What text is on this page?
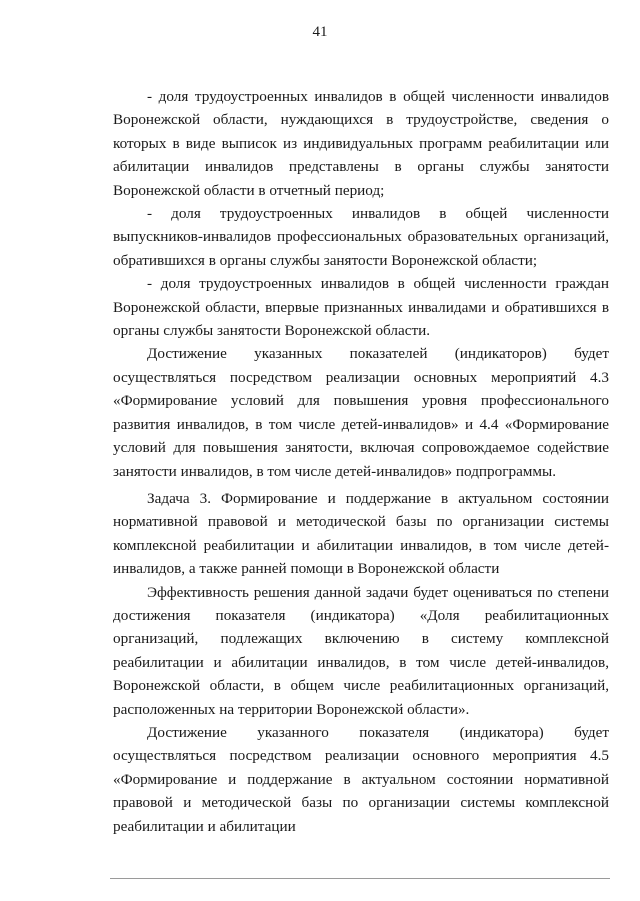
41

- доля трудоустроенных инвалидов в общей численности инвалидов Воронежской области, нуждающихся в трудоустройстве, сведения о которых в виде выписок из индивидуальных программ реабилитации или абилитации инвалидов представлены в органы службы занятости Воронежской области в отчетный период;

- доля трудоустроенных инвалидов в общей численности выпускников-инвалидов профессиональных образовательных организаций, обратившихся в органы службы занятости Воронежской области;

- доля трудоустроенных инвалидов в общей численности граждан Воронежской области, впервые признанных инвалидами и обратившихся в органы службы занятости Воронежской области.

Достижение указанных показателей (индикаторов) будет осуществляться посредством реализации основных мероприятий 4.3 «Формирование условий для повышения уровня профессионального развития инвалидов, в том числе детей-инвалидов» и 4.4 «Формирование условий для повышения занятости, включая сопровождаемое содействие занятости инвалидов, в том числе детей-инвалидов» подпрограммы.

Задача 3. Формирование и поддержание в актуальном состоянии нормативной правовой и методической базы по организации системы комплексной реабилитации и абилитации инвалидов, в том числе детей-инвалидов, а также ранней помощи в Воронежской области

Эффективность решения данной задачи будет оцениваться по степени достижения показателя (индикатора) «Доля реабилитационных организаций, подлежащих включению в систему комплексной реабилитации и абилитации инвалидов, в том числе детей-инвалидов, Воронежской области, в общем числе реабилитационных организаций, расположенных на территории Воронежской области».

Достижение указанного показателя (индикатора) будет осуществляться посредством реализации основного мероприятия 4.5 «Формирование и поддержание в актуальном состоянии нормативной правовой и методической базы по организации системы комплексной реабилитации и абилитации
